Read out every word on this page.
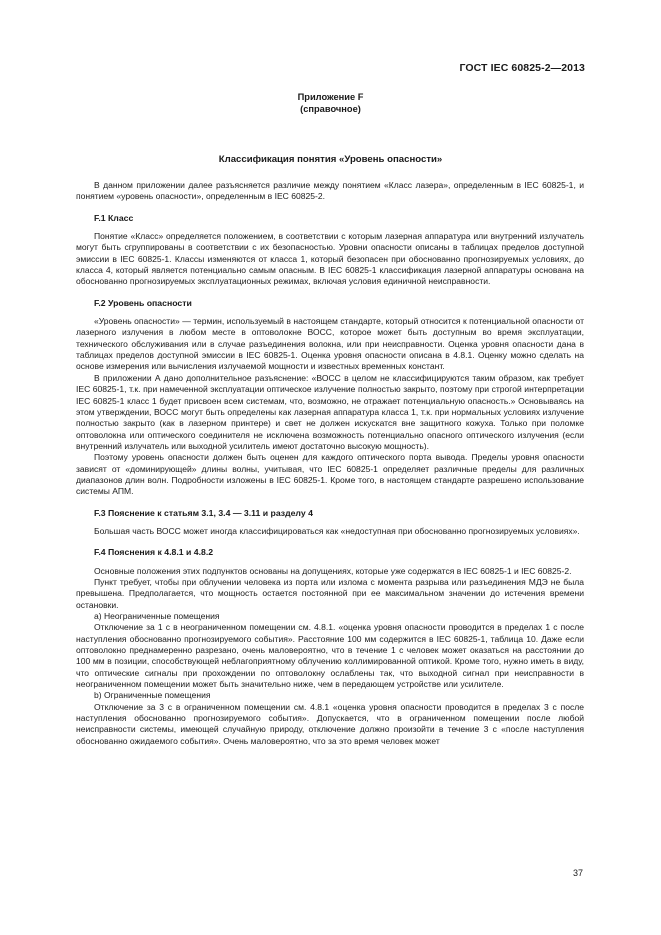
ГОСТ IEC 60825-2—2013
Приложение F
(справочное)
Классификация понятия «Уровень опасности»

В данном приложении далее разъясняется различие между понятием «Класс лазера», определенным в IEC 60825-1, и понятием «уровень опасности», определенным в IEC 60825-2.

F.1 Класс

Понятие «Класс» определяется положением, в соответствии с которым лазерная аппаратура или внутренний излучатель могут быть сгруппированы в соответствии с их безопасностью. Уровни опасности описаны в таблицах пределов доступной эмиссии в IEC 60825-1. Классы изменяются от класса 1, который безопасен при обоснованно прогнозируемых условиях, до класса 4, который является потенциально самым опасным. В IEC 60825-1 классификация лазерной аппаратуры основана на обоснованно прогнозируемых эксплуатационных режимах, включая условия единичной неисправности.

F.2 Уровень опасности

«Уровень опасности» — термин, используемый в настоящем стандарте, который относится к потенциальной опасности от лазерного излучения в любом месте в оптоволокне ВОСС, которое может быть доступным во время эксплуатации, технического обслуживания или в случае разъединения волокна, или при неисправности. Оценка уровня опасности дана в таблицах пределов доступной эмиссии в IEC 60825-1. Оценка уровня опасности описана в 4.8.1. Оценку можно сделать на основе измерения или вычисления излучаемой мощности и известных временных констант.

В приложении А дано дополнительное разъяснение: «ВОСС в целом не классифицируются таким образом, как требует IEC 60825-1, т.к. при намеченной эксплуатации оптическое излучение полностью закрыто, поэтому при строгой интерпретации IEC 60825-1 класс 1 будет присвоен всем системам, что, возможно, не отражает потенциальную опасность.» Основываясь на этом утверждении, ВОСС могут быть определены как лазерная аппаратура класса 1, т.к. при нормальных условиях излучение полностью закрыто (как в лазерном принтере) и свет не должен искускатся вне защитного кожуха. Только при поломке оптоволокна или оптического соединителя не исключена возможность потенциально опасного оптического излучения (если внутренний излучатель или выходной усилитель имеют достаточно высокую мощность).

Поэтому уровень опасности должен быть оценен для каждого оптического порта вывода. Пределы уровня опасности зависят от «доминирующей» длины волны, учитывая, что IEC 60825-1 определяет различные пределы для различных диапазонов длин волн. Подробности изложены в IEC 60825-1. Кроме того, в настоящем стандарте разрешено использование системы АПМ.

F.3 Пояснение к статьям 3.1, 3.4 — 3.11 и разделу 4

Большая часть ВОСС может иногда классифицироваться как «недоступная при обоснованно прогнозируемых условиях».

F.4 Пояснения к 4.8.1 и 4.8.2

Основные положения этих подпунктов основаны на допущениях, которые уже содержатся в IEC 60825-1 и IEC 60825-2.

Пункт требует, чтобы при облучении человека из порта или излома с момента разрыва или разъединения МДЭ не была превышена. Предполагается, что мощность остается постоянной при ее максимальном значении до истечения времени остановки.

a) Неограниченные помещения

Отключение за 1 с в неограниченном помещении см. 4.8.1. «оценка уровня опасности проводится в пределах 1 с после наступления обоснованно прогнозируемого события». Расстояние 100 мм содержится в IEC 60825-1, таблица 10. Даже если оптоволокно преднамеренно разрезано, очень маловероятно, что в течение 1 с человек может оказаться на расстоянии до 100 мм в позиции, способствующей неблагоприятному облучению коллимированной оптикой. Кроме того, нужно иметь в виду, что оптические сигналы при прохождении по оптоволокну ослаблены так, что выходной сигнал при неисправности в неограниченном помещении может быть значительно ниже, чем в передающем устройстве или усилителе.

b) Ограниченные помещения

Отключение за 3 с в ограниченном помещении см. 4.8.1 «оценка уровня опасности проводится в пределах 3 с после наступления обоснованно прогнозируемого события». Допускается, что в ограниченном помещении после любой неисправности системы, имеющей случайную природу, отключение должно произойти в течение 3 с «после наступления обоснованно ожидаемого события». Очень маловероятно, что за это время человек может

37
